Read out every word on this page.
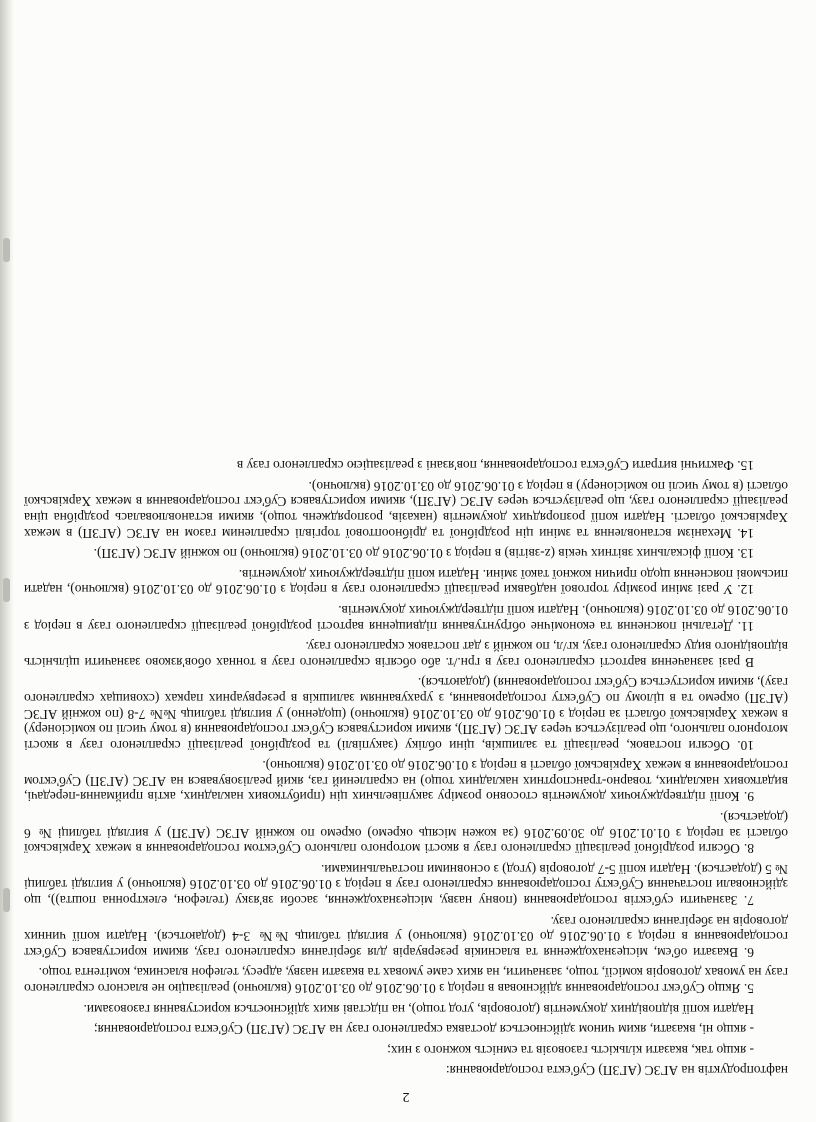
2

нафтопродуктів на АГЗС (АГЗП) Суб'єкта господарювання:

- якщо так, вказати кількість газовозів та ємність кожного з них;

- якщо ні, вказати, яким чином здійснюється доставка скрапленого газу на АГЗС (АГЗП) Суб'єкта господарювання;

Надати копії відповідних документів (договорів, угод тощо), на підставі яких здійснюється користування газовозами.

5. Якщо Суб'єкт господарювання здійснював в період з 01.06.2016 до 03.10.2016 (включно) реалізацію не власного скрапленого газу на умовах договорів комісії, тощо, зазначити, на яких саме умовах та вказати назву, адресу, телефон власника, комітента тощо.

6. Вказати об'єм, місцезнаходження та власників резервуарів для зберігання скрапленого газу, якими користувався Суб'єкт господарювання в період з 01.06.2016 до 03.10.2016 (включно) у вигляді таблиць №№ 3-4 (додаються). Надати копії чинних договорів на зберігання скрапленого газу.

7. Зазначити суб'єктів господарювання (повну назву, місцезнаходження, засоби зв'язку (телефон, електронна пошта)), що здійснювали постачання Суб'єкту господарювання скрапленого газу в період з 01.06.2016 до 03.10.2016 (включно) у вигляді таблиці № 5 (додається). Надати копії 5-7 договорів (угод) з основними постачальниками.

8. Обсяги роздрібної реалізації скрапленого газу в якості моторного пального Суб'єктом господарювання в межах Харківської області за період з 01.01.2016 до 30.09.2016 (за кожен місяць окремо) окремо по кожній АГЗС (АГЗП) у вигляді таблиці № 6 (додається).

9. Копії підтверджуючих документів стосовно розміру закупівельних цін (прибуткових накладних, актів приймання-передачі, видаткових накладних, товарно-транспортних накладних тощо) на скраплений газ, який реалізовувався на АГЗС (АГЗП) Суб'єктом господарювання в межах Харківської області в період з 01.06.2016 до 03.10.2016 (включно).

10. Обсяги поставок, реалізації та залишків, ціни обліку (закупівлі) та роздрібної реалізації скрапленого газу в якості моторного пального, що реалізується через АГЗС (АГЗП), якими користувався Суб'єкт господарювання (в тому числі по комісіонеру) в межах Харківської області за період з 01.06.2016 до 03.10.2016 (включно) (щоденно) у вигляді таблиць №№ 7-8 (по кожній АГЗС (АГЗП) окремо та в цілому по Суб'єкту господарювання, з урахуванням залишків в резервуарних парках (сховищах скрапленого газу), якими користується Суб'єкт господарювання) (додаються).

В разі зазначення вартості скрапленого газу в грн./т. або обсягів скрапленого газу в тоннах обов'язково зазначити щільність відповідного виду скрапленого газу, кг/л, по кожній з дат поставок скрапленого газу.

11. Детальні пояснення та економічне обґрунтування підвищення вартості роздрібної реалізації скрапленого газу в період з 01.06.2016 до 03.10.2016 (включно). Надати копії підтверджуючих документів.

12. У разі зміни розміру торгової надбавки реалізації скрапленого газу в період з 01.06.2016 до 03.10.2016 (включно), надати письмові пояснення щодо причин кожної такої зміни. Надати копії підтверджуючих документів.

13. Копії фіскальних звітних чеків (z-звітів) в період з 01.06.2016 до 03.10.2016 (включно) по кожній АГЗС (АГЗП).

14. Механізм встановлення та зміни цін роздрібної та дрібнооптової торгівлі скрапленим газом на АГЗС (АГЗП) в межах Харківської області. Надати копії розпорядчих документів (наказів, розпоряджень тощо), якими встановлювалась роздрібна ціна реалізації скрапленого газу, що реалізується через АГЗС (АГЗП), якими користувався Суб'єкт господарювання в межах Харківської області (в тому числі по комісіонеру) в період з 01.06.2016 до 03.10.2016 (включно).

15. Фактичні витрати Суб'єкта господарювання, пов'язані з реалізацією скрапленого газу в
